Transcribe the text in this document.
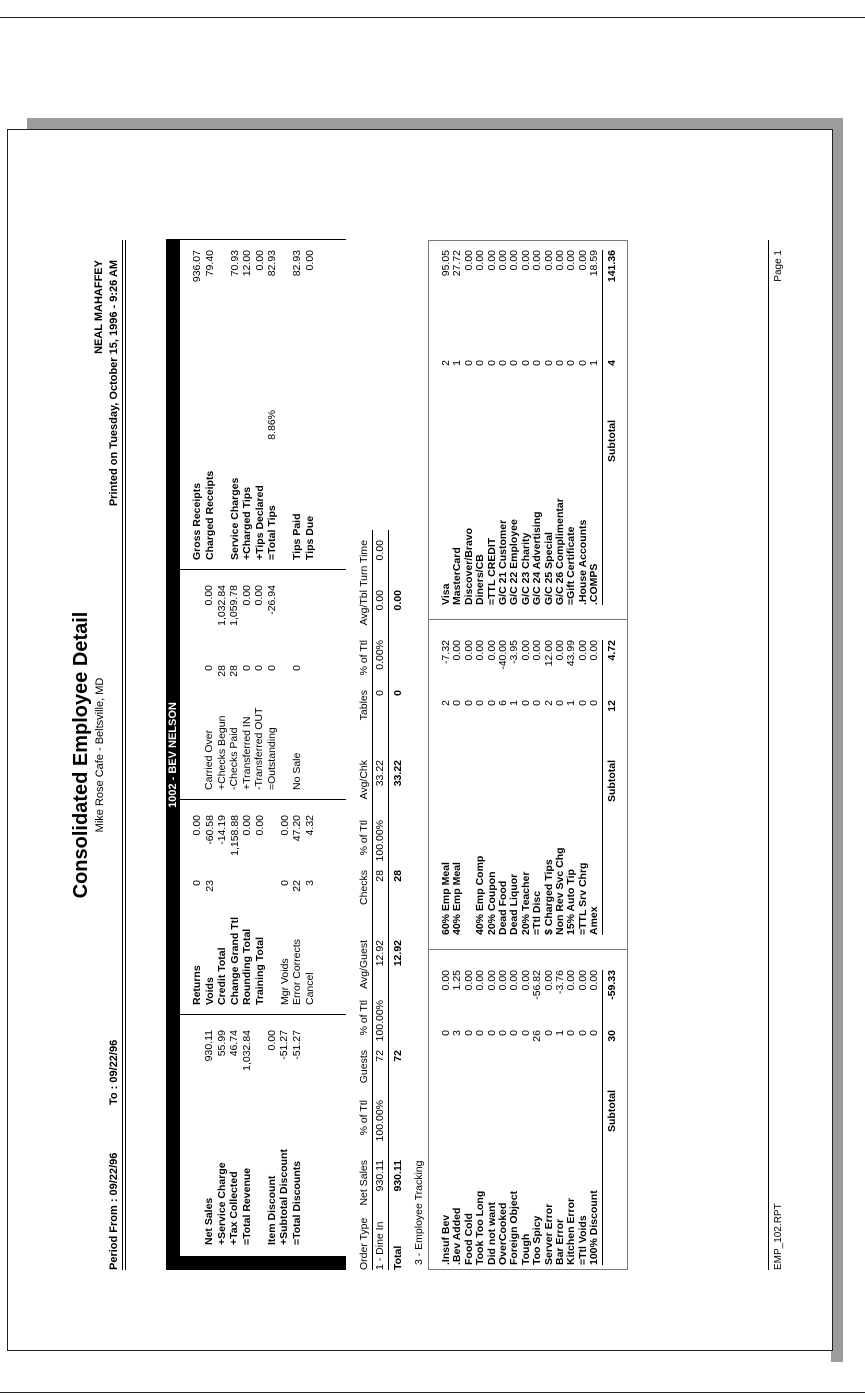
Consolidated Employee Detail Mike Rose Cafe - Beltsville, MD
Period From : 09/22/96
To : 09/22/96
NEAL MAHAFFEY Printed on Tuesday, October 15, 1996 - 9:26 AM
1002 - BEV NELSON
EMP_102.RPT
Page 1
Net Sales
930.11
+Service Charge
55.99
+Tax Collected
46.74
=Total Revenue
1,032.84
Item Discount
0.00
+Subtotal Discount
-51.27
=Total Discounts
-51.27
Returns
0
0.00
Voids
23
-60.58
Credit Total
-14.19
Change Grand Ttl
1,158.88
Rounding Total
0.00
Training Total
0.00
Mgr Voids
0
0.00
Error Corrects
22
47.20
Cancel
3
4.32
Carried Over
0
0.00
+Checks Begun
28
1,032.84
-Checks Paid
28
1,059.78
+Transferred IN
0
0.00
-Transferred OUT
0
0.00
=Outstanding
0
-26.94
No Sale
0
Gross Receipts
936.07
Charged Receipts
79.40
Service Charges
70.93
+Charged Tips
12.00
+Tips Declared
0.00
=Total Tips
8.86%
82.93
Tips Paid
82.93
Tips Due
0.00
Order Type
Net Sales
% of Ttl
Guests
% of Ttl
Avg/Guest
Checks
% of Ttl
Avg/Chk
Tables
% of Ttl
Avg/Tbl
Turn Time
1 - Dine In
930.11
100.00%
72
100.00%
12.92
28
100.00%
33.22
0
0.00%
0.00
0.00
Total
930.11
72
12.92
28
33.22
0
0.00
3 - Employee Tracking .Insuf Bev
0
0.00
.Bev Added
3
1.25
Food Cold
0
0.00
Took Too Long
0
0.00
Did not want
0
0.00
OverCooked
0
0.00
Foreign Object
0
0.00
Tough
0
0.00
Too Spicy
26
-56.82
Server Error
0
0.00
Bar Error
1
-3.76
Kitchen Error
0
0.00
=Ttl Voids
0
0.00
100% Discount
0
0.00
Subtotal
30
-59.33
60% Emp Meal
2
-7.32
40% Emp Meal
0
0.00
0
0.00
40% Emp Comp
0
0.00
20% Coupon
0
0.00
Dead Food
6
-40.00
Dead Liquor
1
-3.95
20% Teacher
0
0.00
=Ttl Disc
0
0.00
$ Charged Tips
2
12.00
Non Rev Svc Chg
0
0.00
15% Auto Tip
1
43.99
=TTL Srv Chrg
0
0.00
Amex
0
0.00
Subtotal
12
4.72
Visa
2
95.05
MasterCard
1
27.72
Discover/Bravo
0
0.00
Diners/CB
0
0.00
=TTL CREDIT
0
0.00
G/C 21 Customer
0
0.00
G/C 22 Employee
0
0.00
G/C 23 Charity
0
0.00
G/C 24 Advertising
0
0.00
G/C 25 Special
0
0.00
G/C 26 Complimentar
0
0.00
=Gift Certificate
0
0.00
.House Accounts
0
0.00
.COMPS
1
18.59
Subtotal
4
141.36
